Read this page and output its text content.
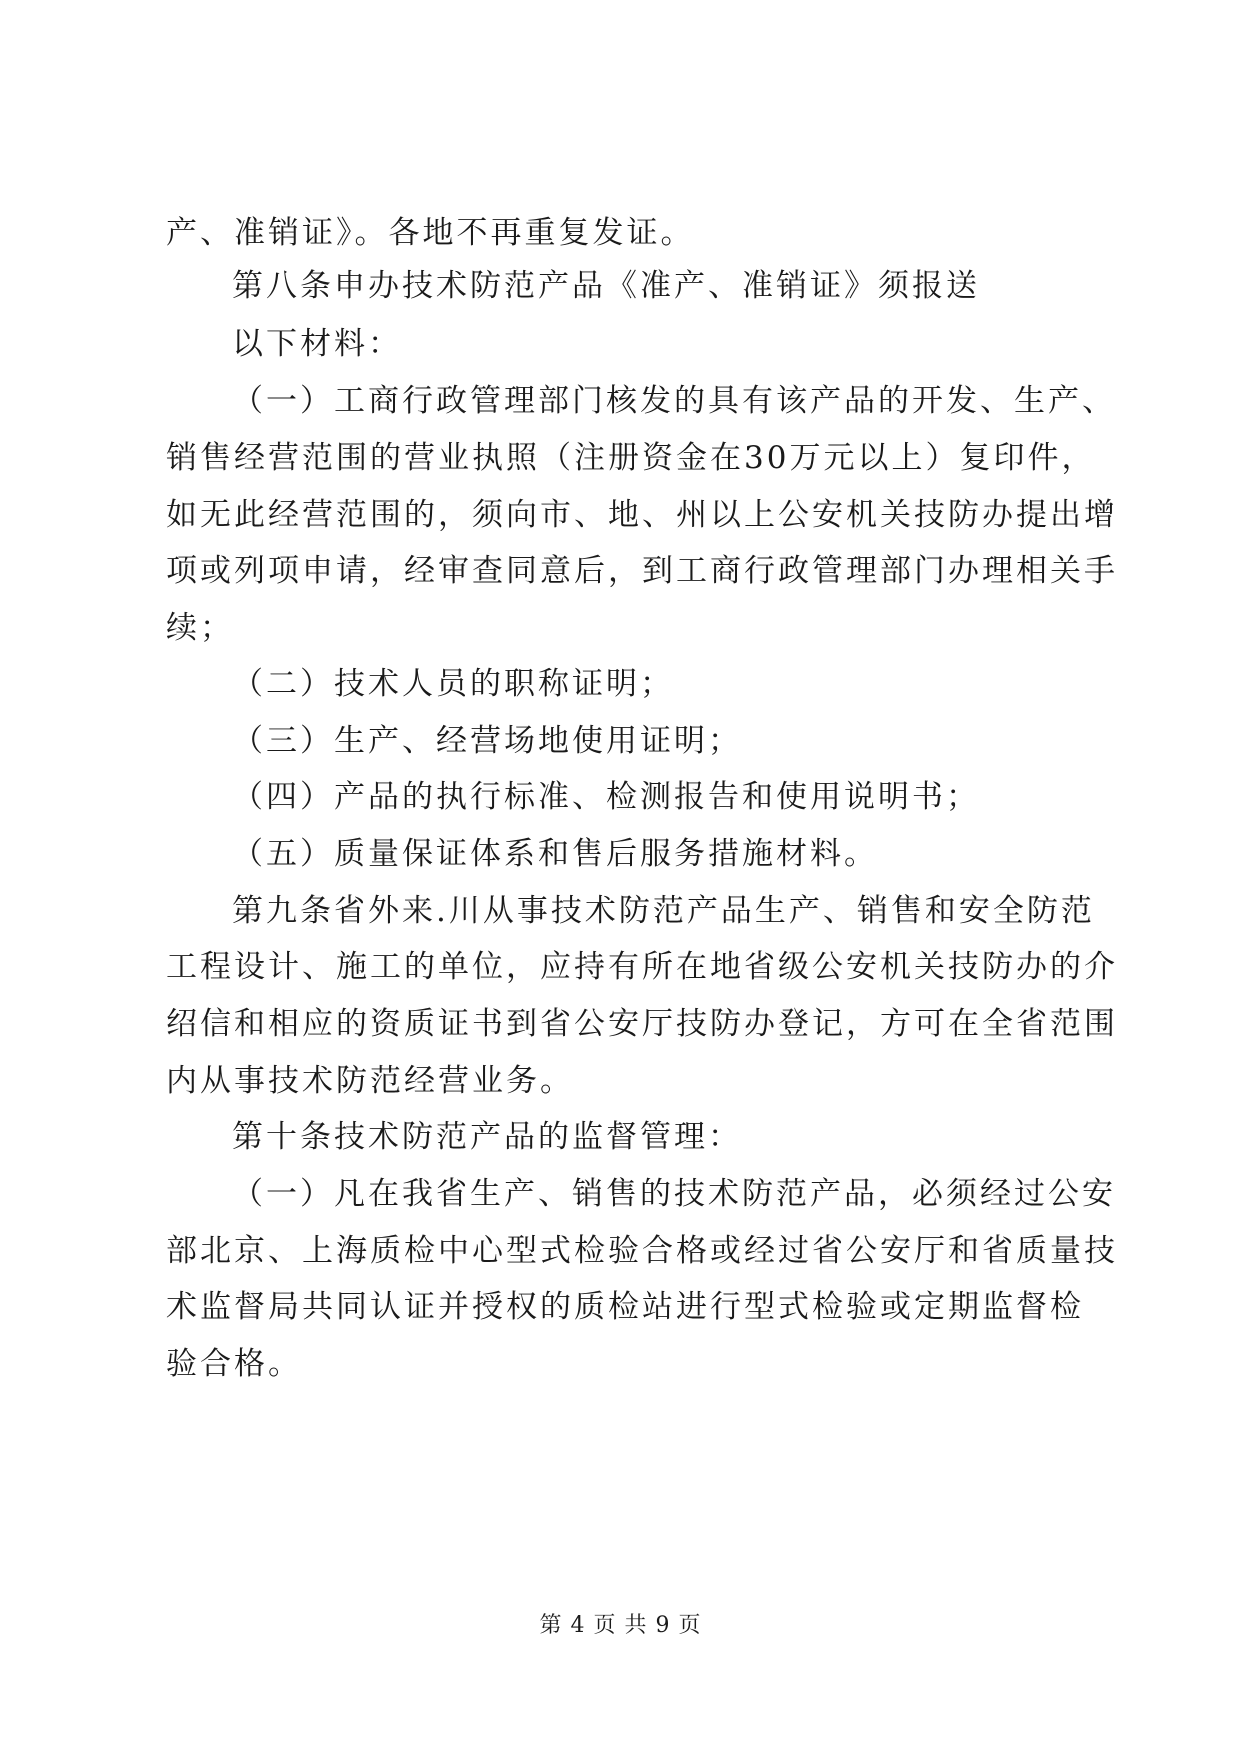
产、准销证》。各地不再重复发证。
第八条申办技术防范产品《准产、准销证》须报送
以下材料：
（一）工商行政管理部门核发的具有该产品的开发、生产、
销售经营范围的营业执照（注册资金在30万元以上）复印件，
如无此经营范围的，须向市、地、州以上公安机关技防办提出增
项或列项申请，经审查同意后，到工商行政管理部门办理相关手
续；
（二）技术人员的职称证明；
（三）生产、经营场地使用证明；
（四）产品的执行标准、检测报告和使用说明书；
（五）质量保证体系和售后服务措施材料。
第九条省外来.川从事技术防范产品生产、销售和安全防范
工程设计、施工的单位，应持有所在地省级公安机关技防办的介
绍信和相应的资质证书到省公安厅技防办登记，方可在全省范围
内从事技术防范经营业务。
第十条技术防范产品的监督管理：
（一）凡在我省生产、销售的技术防范产品，必须经过公安
部北京、上海质检中心型式检验合格或经过省公安厅和省质量技
术监督局共同认证并授权的质检站进行型式检验或定期监督检
验合格。
第 4 页 共 9 页
